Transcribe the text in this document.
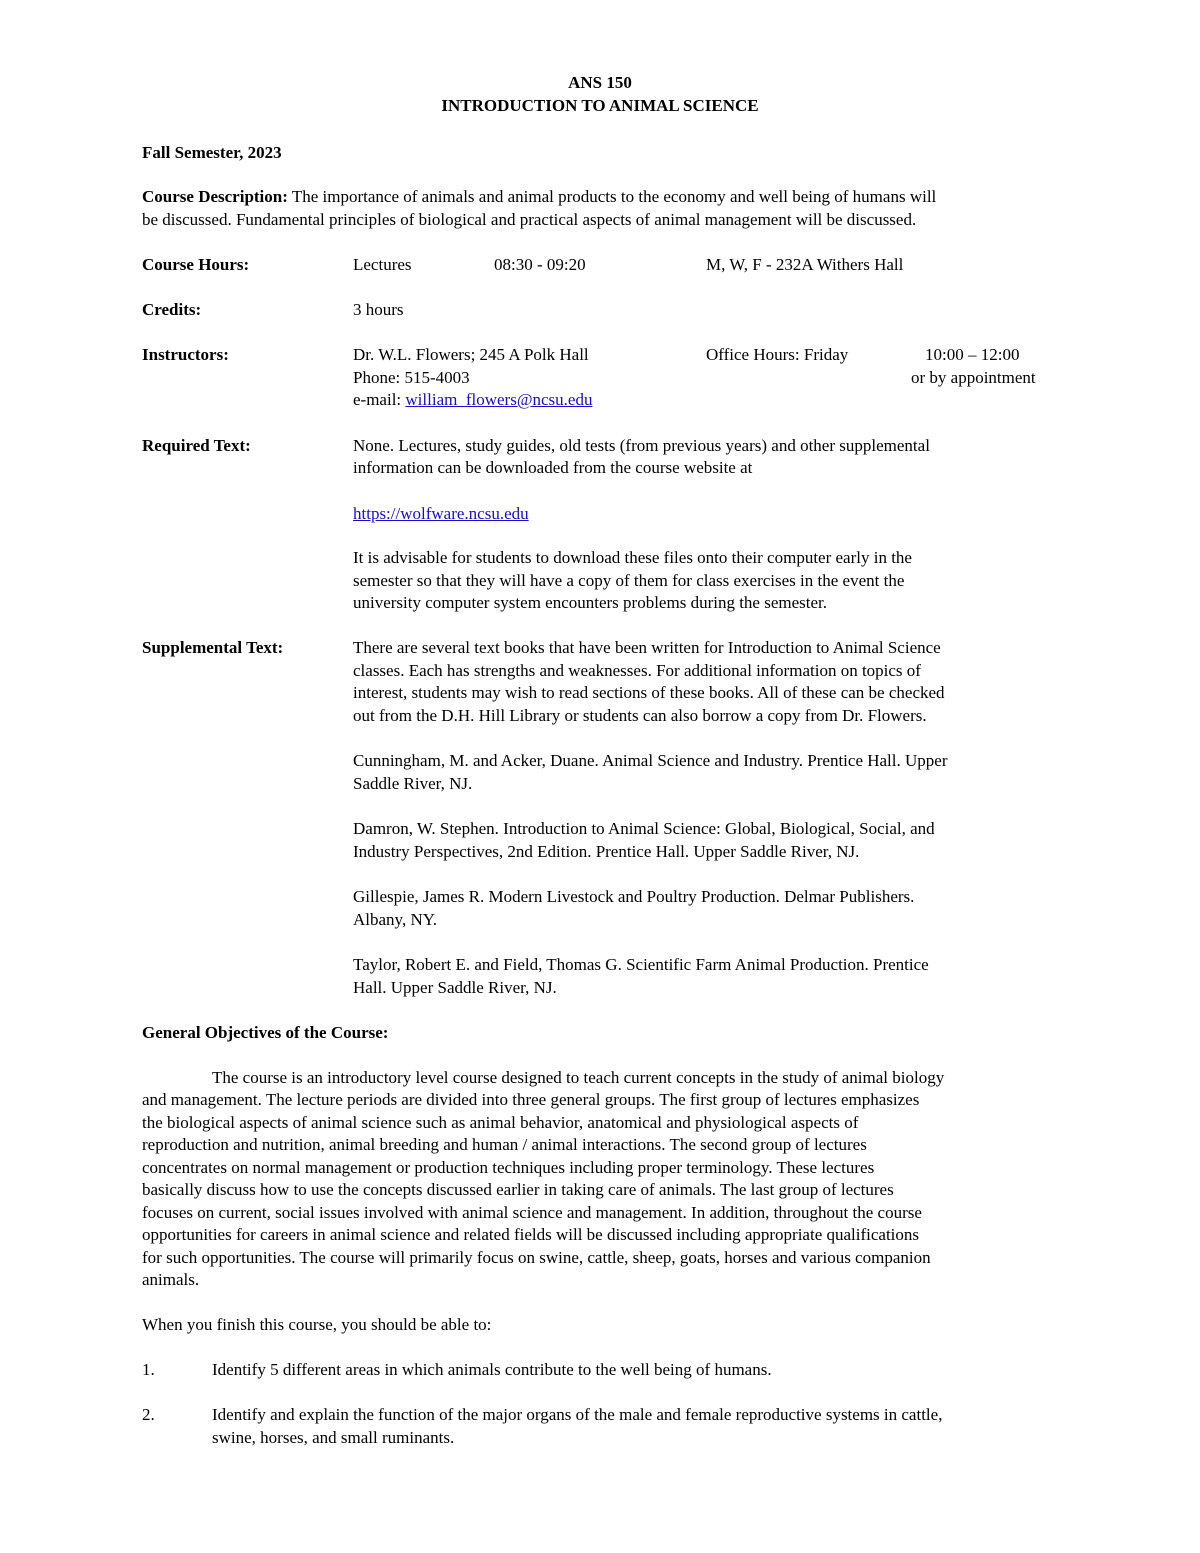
ANS 150
INTRODUCTION TO ANIMAL SCIENCE
Fall Semester, 2023
Course Description: The importance of animals and animal products to the economy and well being of humans will
be discussed. Fundamental principles of biological and practical aspects of animal management will be discussed.
Course Hours:	Lectures	08:30 - 09:20	M, W, F - 232A Withers Hall
Credits:	3 hours
Instructors:	Dr. W.L. Flowers; 245 A Polk Hall	Office Hours: Friday	10:00 – 12:00
Phone: 515-4003	or by appointment
e-mail: william_flowers@ncsu.edu
Required Text:	None. Lectures, study guides, old tests (from previous years) and other supplemental
information can be downloaded from the course website at
https://wolfware.ncsu.edu
It is advisable for students to download these files onto their computer early in the
semester so that they will have a copy of them for class exercises in the event the
university computer system encounters problems during the semester.
Supplemental Text:	There are several text books that have been written for Introduction to Animal Science
classes. Each has strengths and weaknesses. For additional information on topics of
interest, students may wish to read sections of these books. All of these can be checked
out from the D.H. Hill Library or students can also borrow a copy from Dr. Flowers.
Cunningham, M. and Acker, Duane. Animal Science and Industry. Prentice Hall. Upper
Saddle River, NJ.
Damron, W. Stephen. Introduction to Animal Science: Global, Biological, Social, and
Industry Perspectives, 2nd Edition. Prentice Hall. Upper Saddle River, NJ.
Gillespie, James R. Modern Livestock and Poultry Production. Delmar Publishers.
Albany, NY.
Taylor, Robert E. and Field, Thomas G. Scientific Farm Animal Production. Prentice
Hall. Upper Saddle River, NJ.
General Objectives of the Course:
The course is an introductory level course designed to teach current concepts in the study of animal biology
and management. The lecture periods are divided into three general groups. The first group of lectures emphasizes
the biological aspects of animal science such as animal behavior, anatomical and physiological aspects of
reproduction and nutrition, animal breeding and human / animal interactions. The second group of lectures
concentrates on normal management or production techniques including proper terminology. These lectures
basically discuss how to use the concepts discussed earlier in taking care of animals. The last group of lectures
focuses on current, social issues involved with animal science and management. In addition, throughout the course
opportunities for careers in animal science and related fields will be discussed including appropriate qualifications
for such opportunities. The course will primarily focus on swine, cattle, sheep, goats, horses and various companion
animals.
When you finish this course, you should be able to:
1.	Identify 5 different areas in which animals contribute to the well being of humans.
2.	Identify and explain the function of the major organs of the male and female reproductive systems in cattle,
swine, horses, and small ruminants.
